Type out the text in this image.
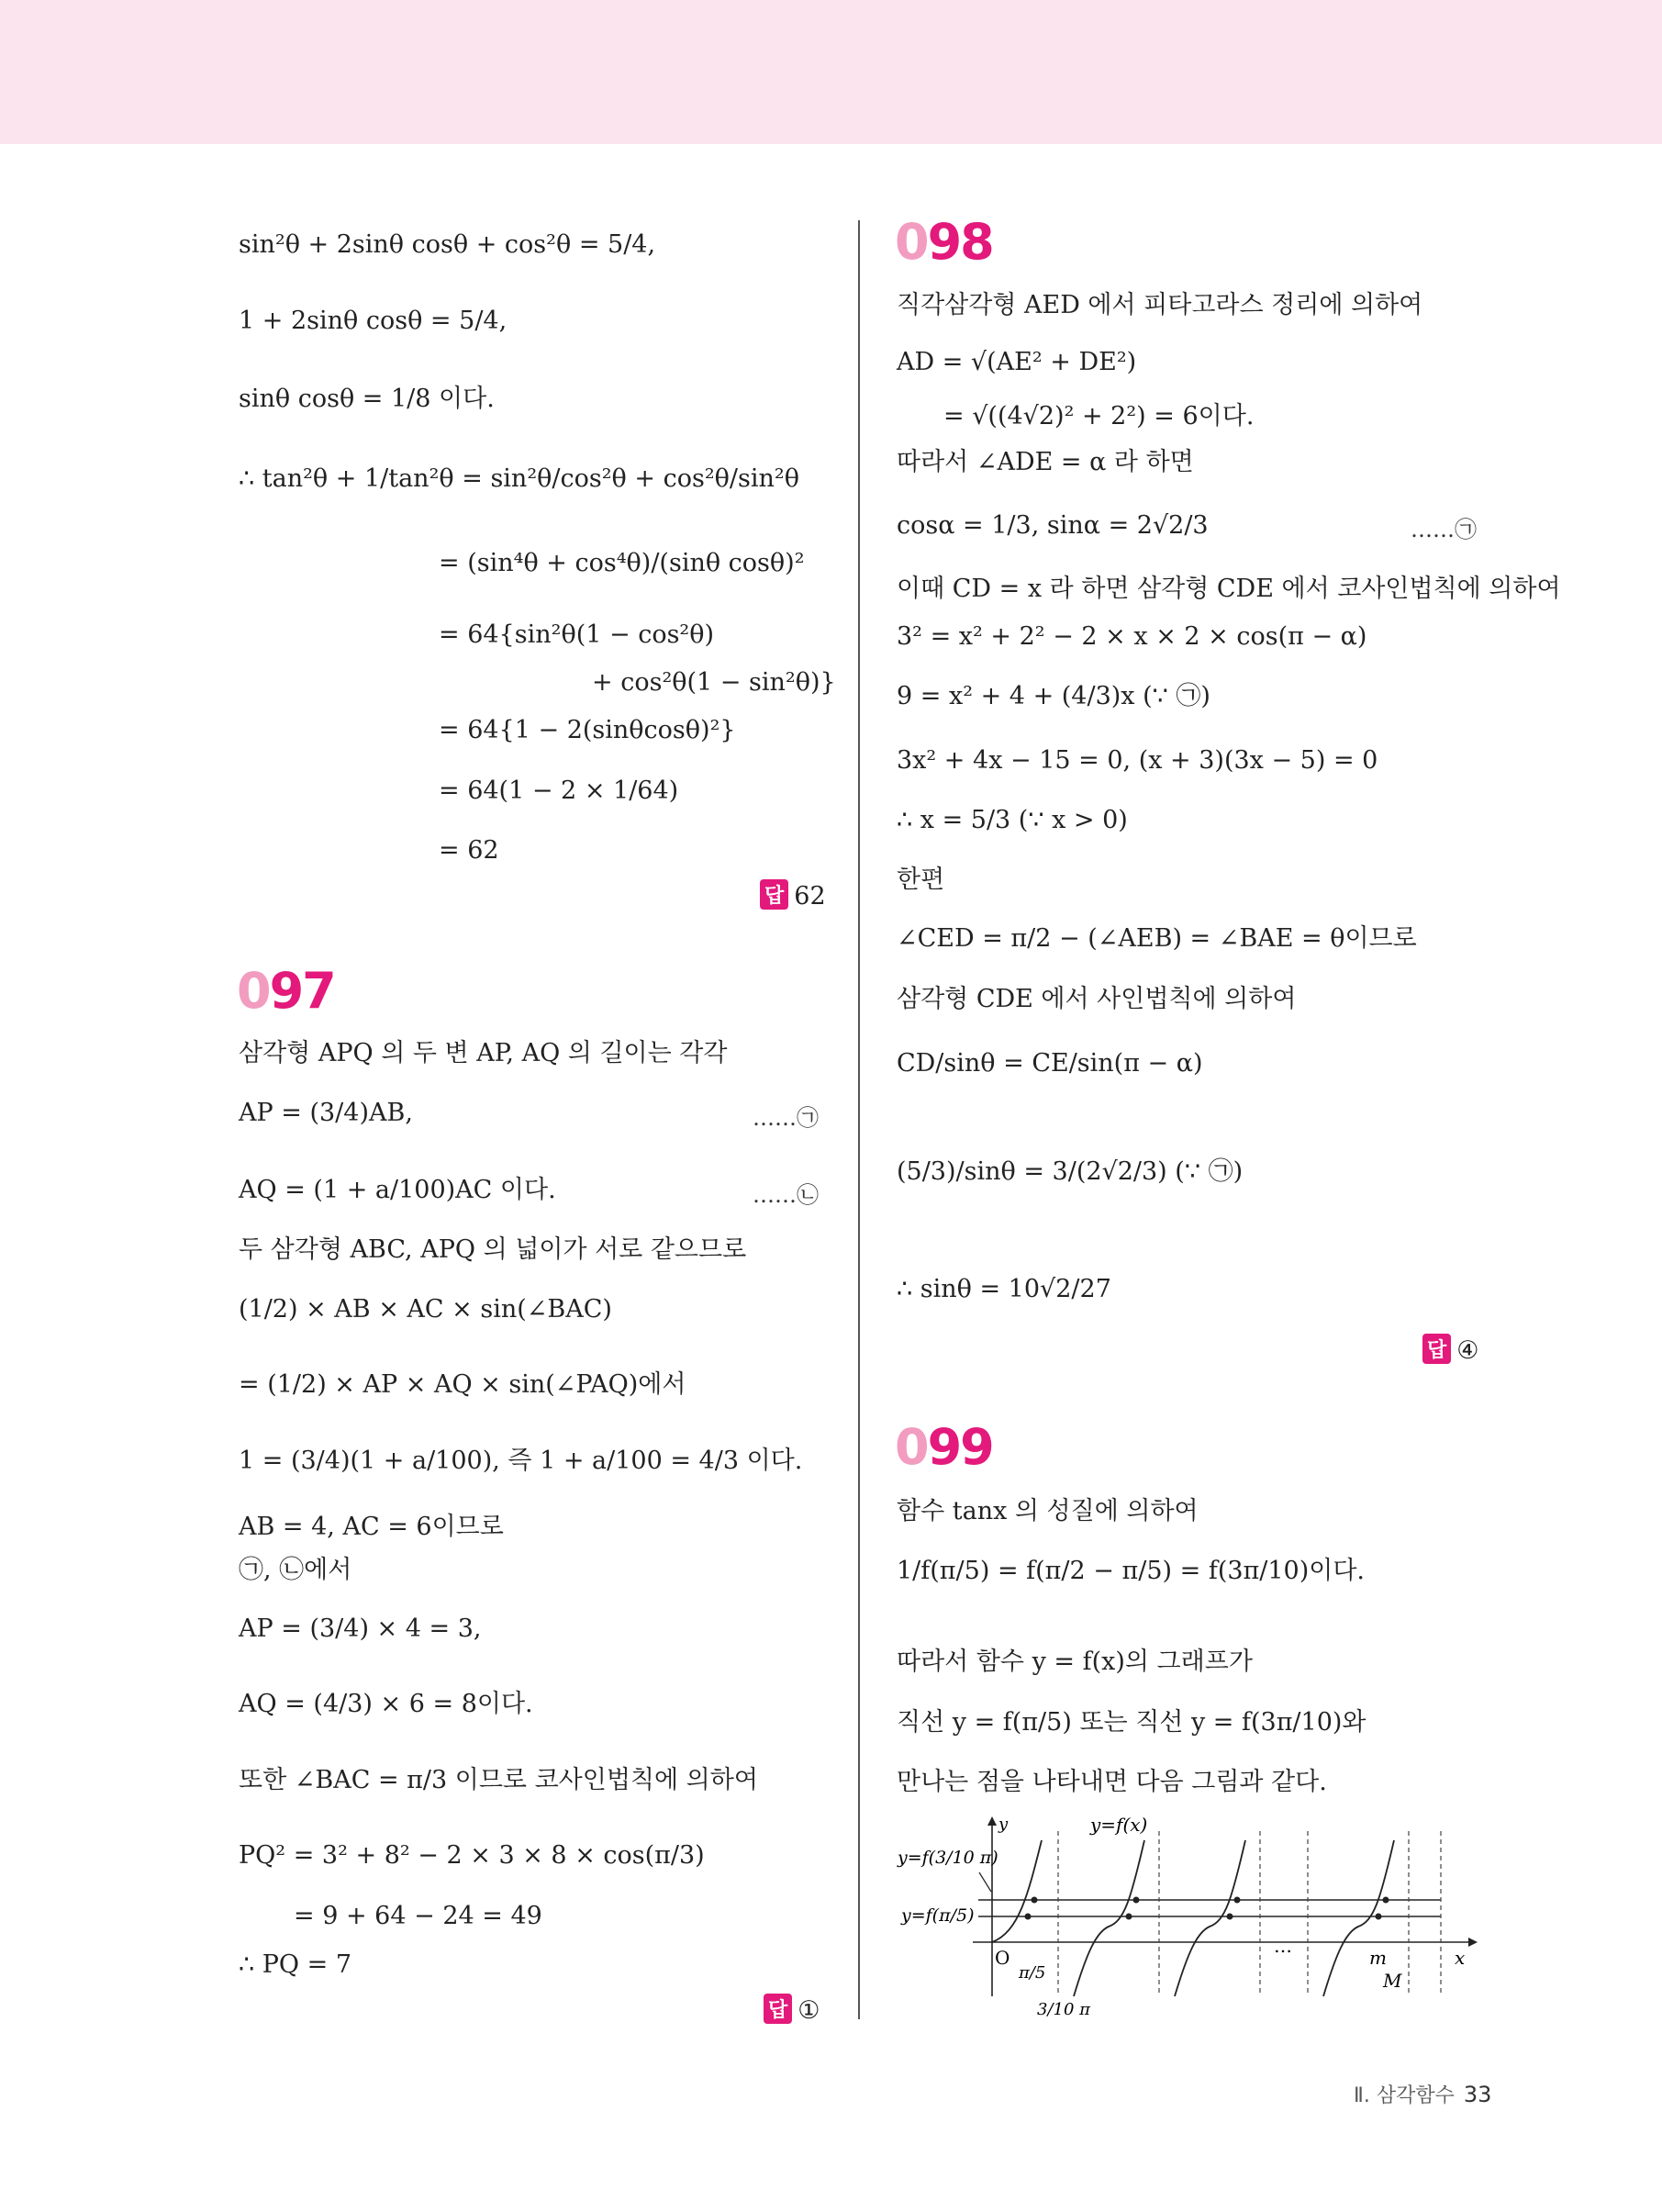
sin²θ + 2sinθ cosθ + cos²θ = 5/4,
1 + 2sinθ cosθ = 5/4,
sinθ cosθ = 1/8 이다.
∴ tan²θ + 1/tan²θ = sin²θ/cos²θ + cos²θ/sin²θ
= (sin⁴θ + cos⁴θ)/(sinθ cosθ)²
= 64{sin²θ(1 − cos²θ)
+ cos²θ(1 − sin²θ)}
= 64{1 − 2(sinθcosθ)²}
= 64(1 − 2 × 1/64)
= 62
답 62
097
삼각형 APQ 의 두 변 AP, AQ 의 길이는 각각
AP = (3/4)AB,	……㉠
AQ = (1 + a/100)AC 이다.	……㉡
두 삼각형 ABC, APQ 의 넓이가 서로 같으므로
(1/2) × AB × AC × sin(∠BAC)
= (1/2) × AP × AQ × sin(∠PAQ)에서
1 = (3/4)(1 + a/100), 즉 1 + a/100 = 4/3 이다.
AB = 4, AC = 6이므로
㉠, ㉡에서
AP = (3/4) × 4 = 3,
AQ = (4/3) × 6 = 8이다.
또한 ∠BAC = π/3 이므로 코사인법칙에 의하여
PQ² = 3² + 8² − 2 × 3 × 8 × cos(π/3)
= 9 + 64 − 24 = 49
∴ PQ = 7
답 ①
098
직각삼각형 AED 에서 피타고라스 정리에 의하여
AD = √(AE² + DE²)
= √((4√2)² + 2²) = 6이다.
따라서 ∠ADE = α 라 하면
cosα = 1/3, sinα = 2√2/3	……㉠
이때 CD = x 라 하면 삼각형 CDE 에서 코사인법칙에 의하여
3² = x² + 2² − 2 × x × 2 × cos(π − α)
9 = x² + 4 + (4/3)x (∵ ㉠)
3x² + 4x − 15 = 0, (x + 3)(3x − 5) = 0
∴ x = 5/3 (∵ x > 0)
한편
∠CED = π/2 − (∠AEB) = ∠BAE = θ이므로
삼각형 CDE 에서 사인법칙에 의하여
CD/sinθ = CE/sin(π − α)
(5/3)/sinθ = 3/(2√2/3) (∵ ㉠)
∴ sinθ = 10√2/27
답 ④
099
함수 tanx 의 성질에 의하여
1/f(π/5) = f(π/2 − π/5) = f(3π/10)이다.
따라서 함수 y = f(x)의 그래프가
직선 y = f(π/5) 또는 직선 y = f(3π/10)와
만나는 점을 나타내면 다음 그림과 같다.
y
x
y=f(x)
y=f(3/10 π)
y=f(π/5)
O
π/5
3/10 π
…
m
M
Ⅱ. 삼각함수 33
